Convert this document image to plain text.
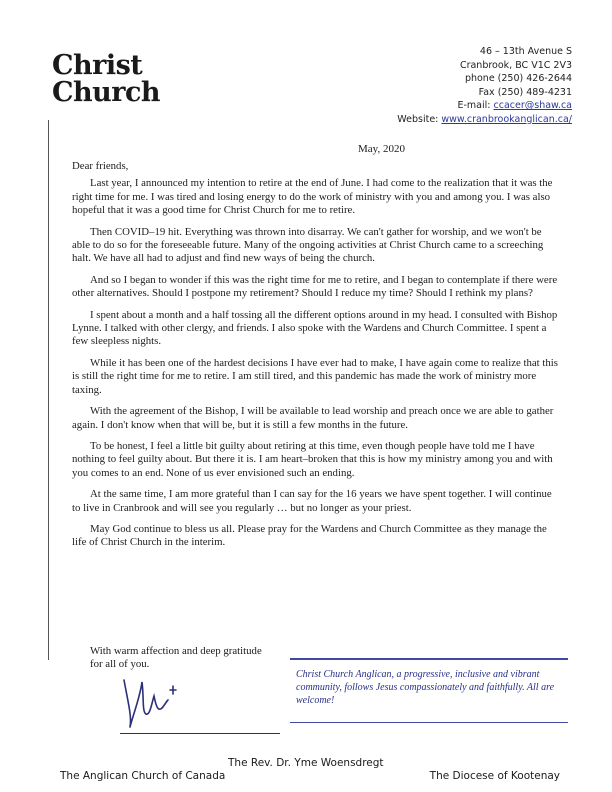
Christ
Church
46 – 13th Avenue S
Cranbrook, BC V1C 2V3
phone (250) 426-2644
Fax (250) 489-4231
E-mail: ccacer@shaw.ca
Website: www.cranbrookanglican.ca/
May, 2020

Dear friends,

Last year, I announced my intention to retire at the end of June. I had come to the realization that it was the right time for me. I was tired and losing energy to do the work of ministry with you and among you. I was also hopeful that it was a good time for Christ Church for me to retire.

Then COVID–19 hit. Everything was thrown into disarray. We can't gather for worship, and we won't be able to do so for the foreseeable future. Many of the ongoing activities at Christ Church came to a screeching halt. We have all had to adjust and find new ways of being the church.

And so I began to wonder if this was the right time for me to retire, and I began to contemplate if there were other alternatives. Should I postpone my retirement? Should I reduce my time? Should I rethink my plans?

I spent about a month and a half tossing all the different options around in my head. I consulted with Bishop Lynne. I talked with other clergy, and friends. I also spoke with the Wardens and Church Committee. I spent a few sleepless nights.

While it has been one of the hardest decisions I have ever had to make, I have again come to realize that this is still the right time for me to retire. I am still tired, and this pandemic has made the work of ministry more taxing.

With the agreement of the Bishop, I will be available to lead worship and preach once we are able to gather again. I don't know when that will be, but it is still a few months in the future.

To be honest, I feel a little bit guilty about retiring at this time, even though people have told me I have nothing to feel guilty about. But there it is. I am heart–broken that this is how my ministry among you and with you comes to an end. None of us ever envisioned such an ending.

At the same time, I am more grateful than I can say for the 16 years we have spent together. I will continue to live in Cranbrook and will see you regularly … but no longer as your priest.

May God continue to bless us all. Please pray for the Wardens and Church Committee as they manage the life of Christ Church in the interim.

With warm affection and deep gratitude for all of you.
Christ Church Anglican, a progressive, inclusive and vibrant community, follows Jesus compassionately and faithfully. All are welcome!
The Rev. Dr. Yme Woensdregt
The Anglican Church of Canada	The Diocese of Kootenay
